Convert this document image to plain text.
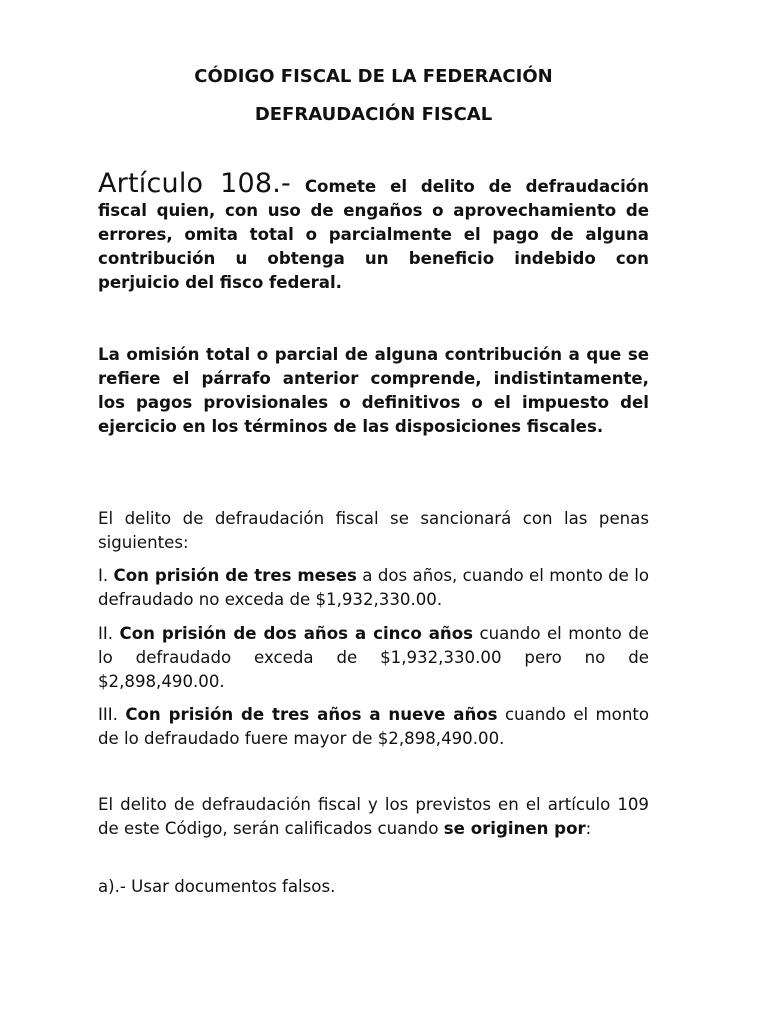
CÓDIGO FISCAL DE LA FEDERACIÓN
DEFRAUDACIÓN FISCAL

Artículo 108.- Comete el delito de defraudación fiscal quien, con uso de engaños o aprovechamiento de errores, omita total o parcialmente el pago de alguna contribución u obtenga un beneficio indebido con perjuicio del fisco federal.

La omisión total o parcial de alguna contribución a que se refiere el párrafo anterior comprende, indistintamente, los pagos provisionales o definitivos o el impuesto del ejercicio en los términos de las disposiciones fiscales.

El delito de defraudación fiscal se sancionará con las penas siguientes:

I. Con prisión de tres meses a dos años, cuando el monto de lo defraudado no exceda de $1,932,330.00.

II. Con prisión de dos años a cinco años cuando el monto de lo defraudado exceda de $1,932,330.00 pero no de $2,898,490.00.

III. Con prisión de tres años a nueve años cuando el monto de lo defraudado fuere mayor de $2,898,490.00.

El delito de defraudación fiscal y los previstos en el artículo 109 de este Código, serán calificados cuando se originen por:

a).- Usar documentos falsos.
